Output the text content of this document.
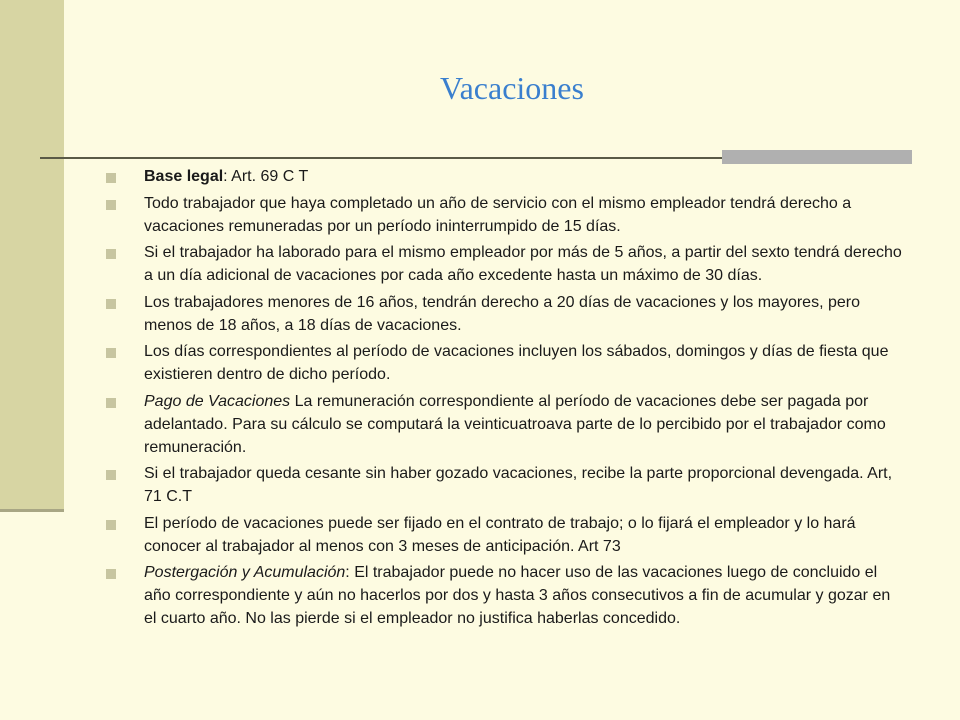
Vacaciones
Base legal: Art. 69 C T
Todo trabajador que haya completado un año de servicio con el mismo empleador tendrá derecho a vacaciones remuneradas por un período ininterrumpido de 15 días.
Si el trabajador ha laborado para el mismo empleador por más de 5 años, a partir del sexto tendrá derecho a un día adicional de vacaciones por cada año excedente hasta un máximo de 30 días.
Los trabajadores menores de 16 años, tendrán derecho a 20 días de vacaciones y los mayores, pero menos de 18 años, a 18 días de vacaciones.
Los días correspondientes al período de vacaciones incluyen los sábados, domingos y días de fiesta que existieren dentro de dicho período.
Pago de Vacaciones La remuneración correspondiente al período de vacaciones debe ser pagada por adelantado. Para su cálculo se computará la veinticuatroava parte de lo percibido por el trabajador como remuneración.
Si el trabajador queda cesante sin haber gozado vacaciones, recibe la parte proporcional devengada. Art, 71 C.T
El período de vacaciones puede ser fijado en el contrato de trabajo; o lo fijará el empleador y lo hará conocer al trabajador al menos con 3 meses de anticipación. Art 73
Postergación y Acumulación: El trabajador puede no hacer uso de las vacaciones luego de concluido el año correspondiente y aún no hacerlos por dos y hasta 3 años consecutivos a fin de acumular y gozar en el cuarto año. No las pierde si el empleador no justifica haberlas concedido.
